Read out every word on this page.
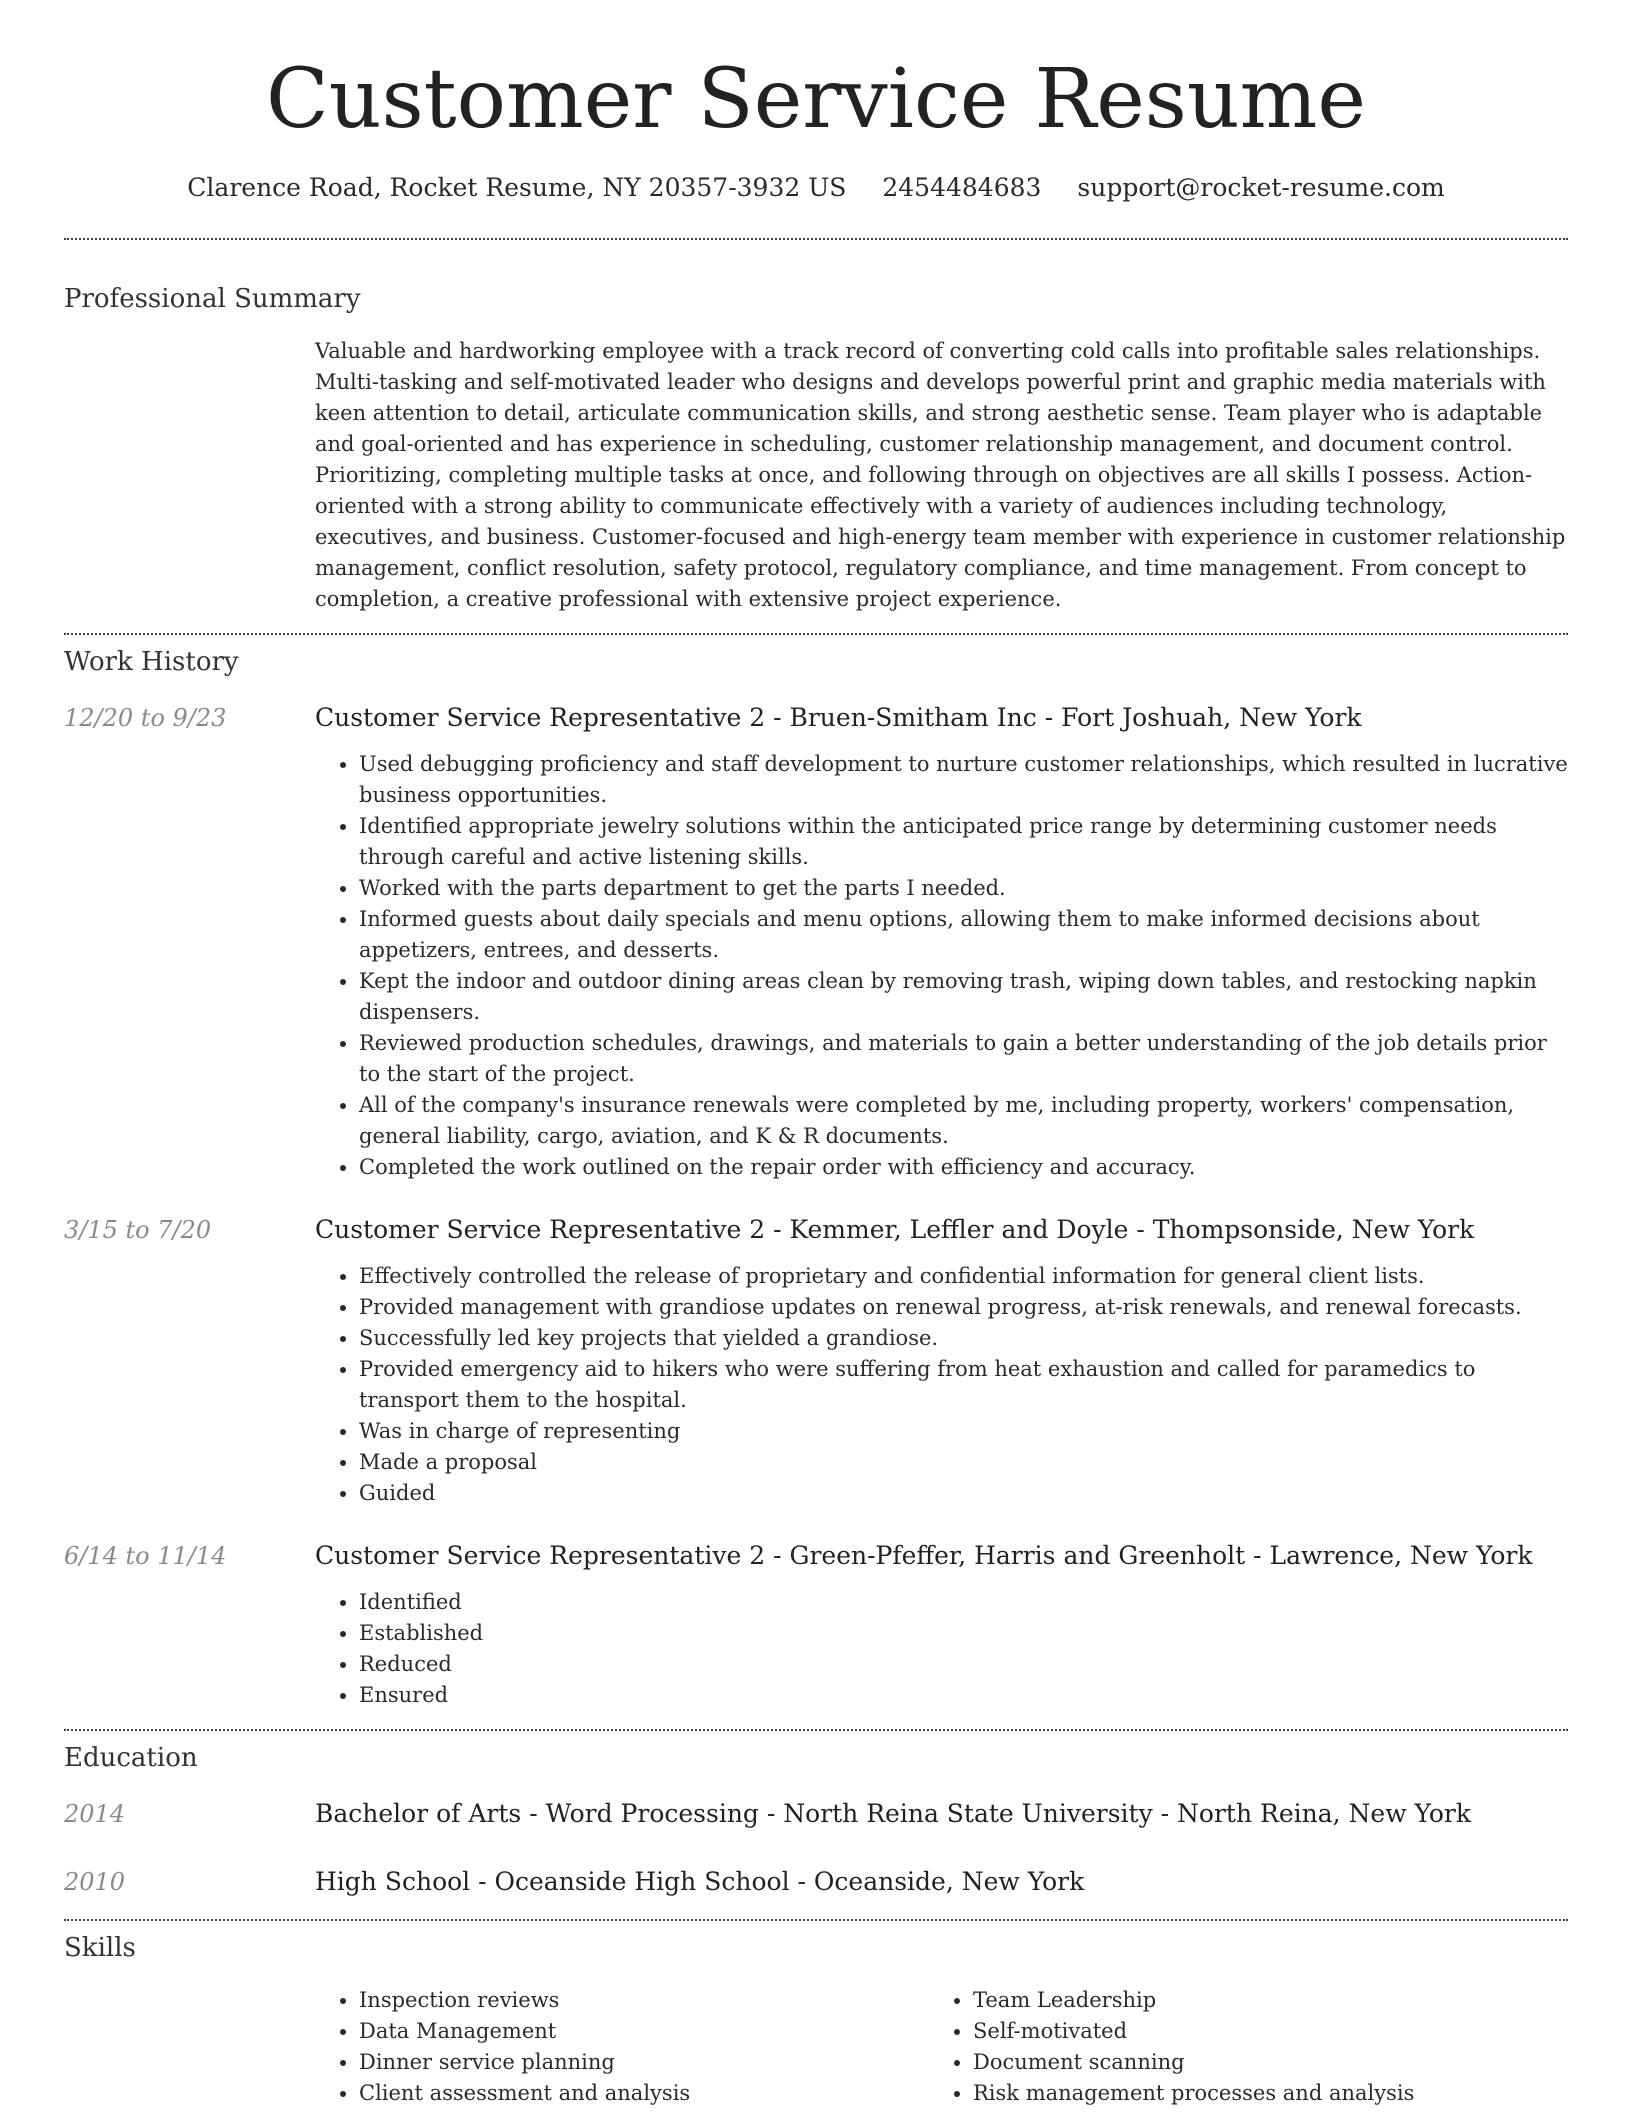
Customer Service Resume
Clarence Road, Rocket Resume, NY 20357-3932 US 2454484683 support@rocket-resume.com
Professional Summary
Valuable and hardworking employee with a track record of converting cold calls into profitable sales relationships. Multi-tasking and self-motivated leader who designs and develops powerful print and graphic media materials with keen attention to detail, articulate communication skills, and strong aesthetic sense. Team player who is adaptable and goal-oriented and has experience in scheduling, customer relationship management, and document control. Prioritizing, completing multiple tasks at once, and following through on objectives are all skills I possess. Action-oriented with a strong ability to communicate effectively with a variety of audiences including technology, executives, and business. Customer-focused and high-energy team member with experience in customer relationship management, conflict resolution, safety protocol, regulatory compliance, and time management. From concept to completion, a creative professional with extensive project experience.
Work History
12/20 to 9/23	Customer Service Representative 2 - Bruen-Smitham Inc - Fort Joshuah, New York
• Used debugging proficiency and staff development to nurture customer relationships, which resulted in lucrative business opportunities.
• Identified appropriate jewelry solutions within the anticipated price range by determining customer needs through careful and active listening skills.
• Worked with the parts department to get the parts I needed.
• Informed guests about daily specials and menu options, allowing them to make informed decisions about appetizers, entrees, and desserts.
• Kept the indoor and outdoor dining areas clean by removing trash, wiping down tables, and restocking napkin dispensers.
• Reviewed production schedules, drawings, and materials to gain a better understanding of the job details prior to the start of the project.
• All of the company's insurance renewals were completed by me, including property, workers' compensation, general liability, cargo, aviation, and K & R documents.
• Completed the work outlined on the repair order with efficiency and accuracy.
3/15 to 7/20	Customer Service Representative 2 - Kemmer, Leffler and Doyle - Thompsonside, New York
• Effectively controlled the release of proprietary and confidential information for general client lists.
• Provided management with grandiose updates on renewal progress, at-risk renewals, and renewal forecasts.
• Successfully led key projects that yielded a grandiose.
• Provided emergency aid to hikers who were suffering from heat exhaustion and called for paramedics to transport them to the hospital.
• Was in charge of representing
• Made a proposal
• Guided
6/14 to 11/14	Customer Service Representative 2 - Green-Pfeffer, Harris and Greenholt - Lawrence, New York
• Identified
• Established
• Reduced
• Ensured
Education
2014	Bachelor of Arts - Word Processing - North Reina State University - North Reina, New York
2010	High School - Oceanside High School - Oceanside, New York
Skills
• Inspection reviews
• Data Management
• Dinner service planning
• Client assessment and analysis
• Team Leadership
• Self-motivated
• Document scanning
• Risk management processes and analysis
